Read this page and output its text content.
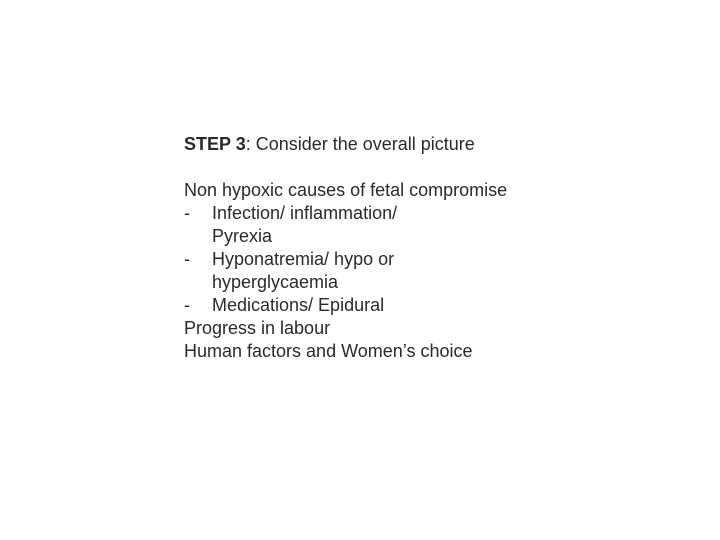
STEP 3: Consider the overall picture

Non hypoxic causes of fetal compromise

- Infection/ inflammation/ Pyrexia
- Hyponatremia/ hypo or hyperglycaemia
- Medications/ Epidural

Progress in labour

Human factors and Women’s choice
